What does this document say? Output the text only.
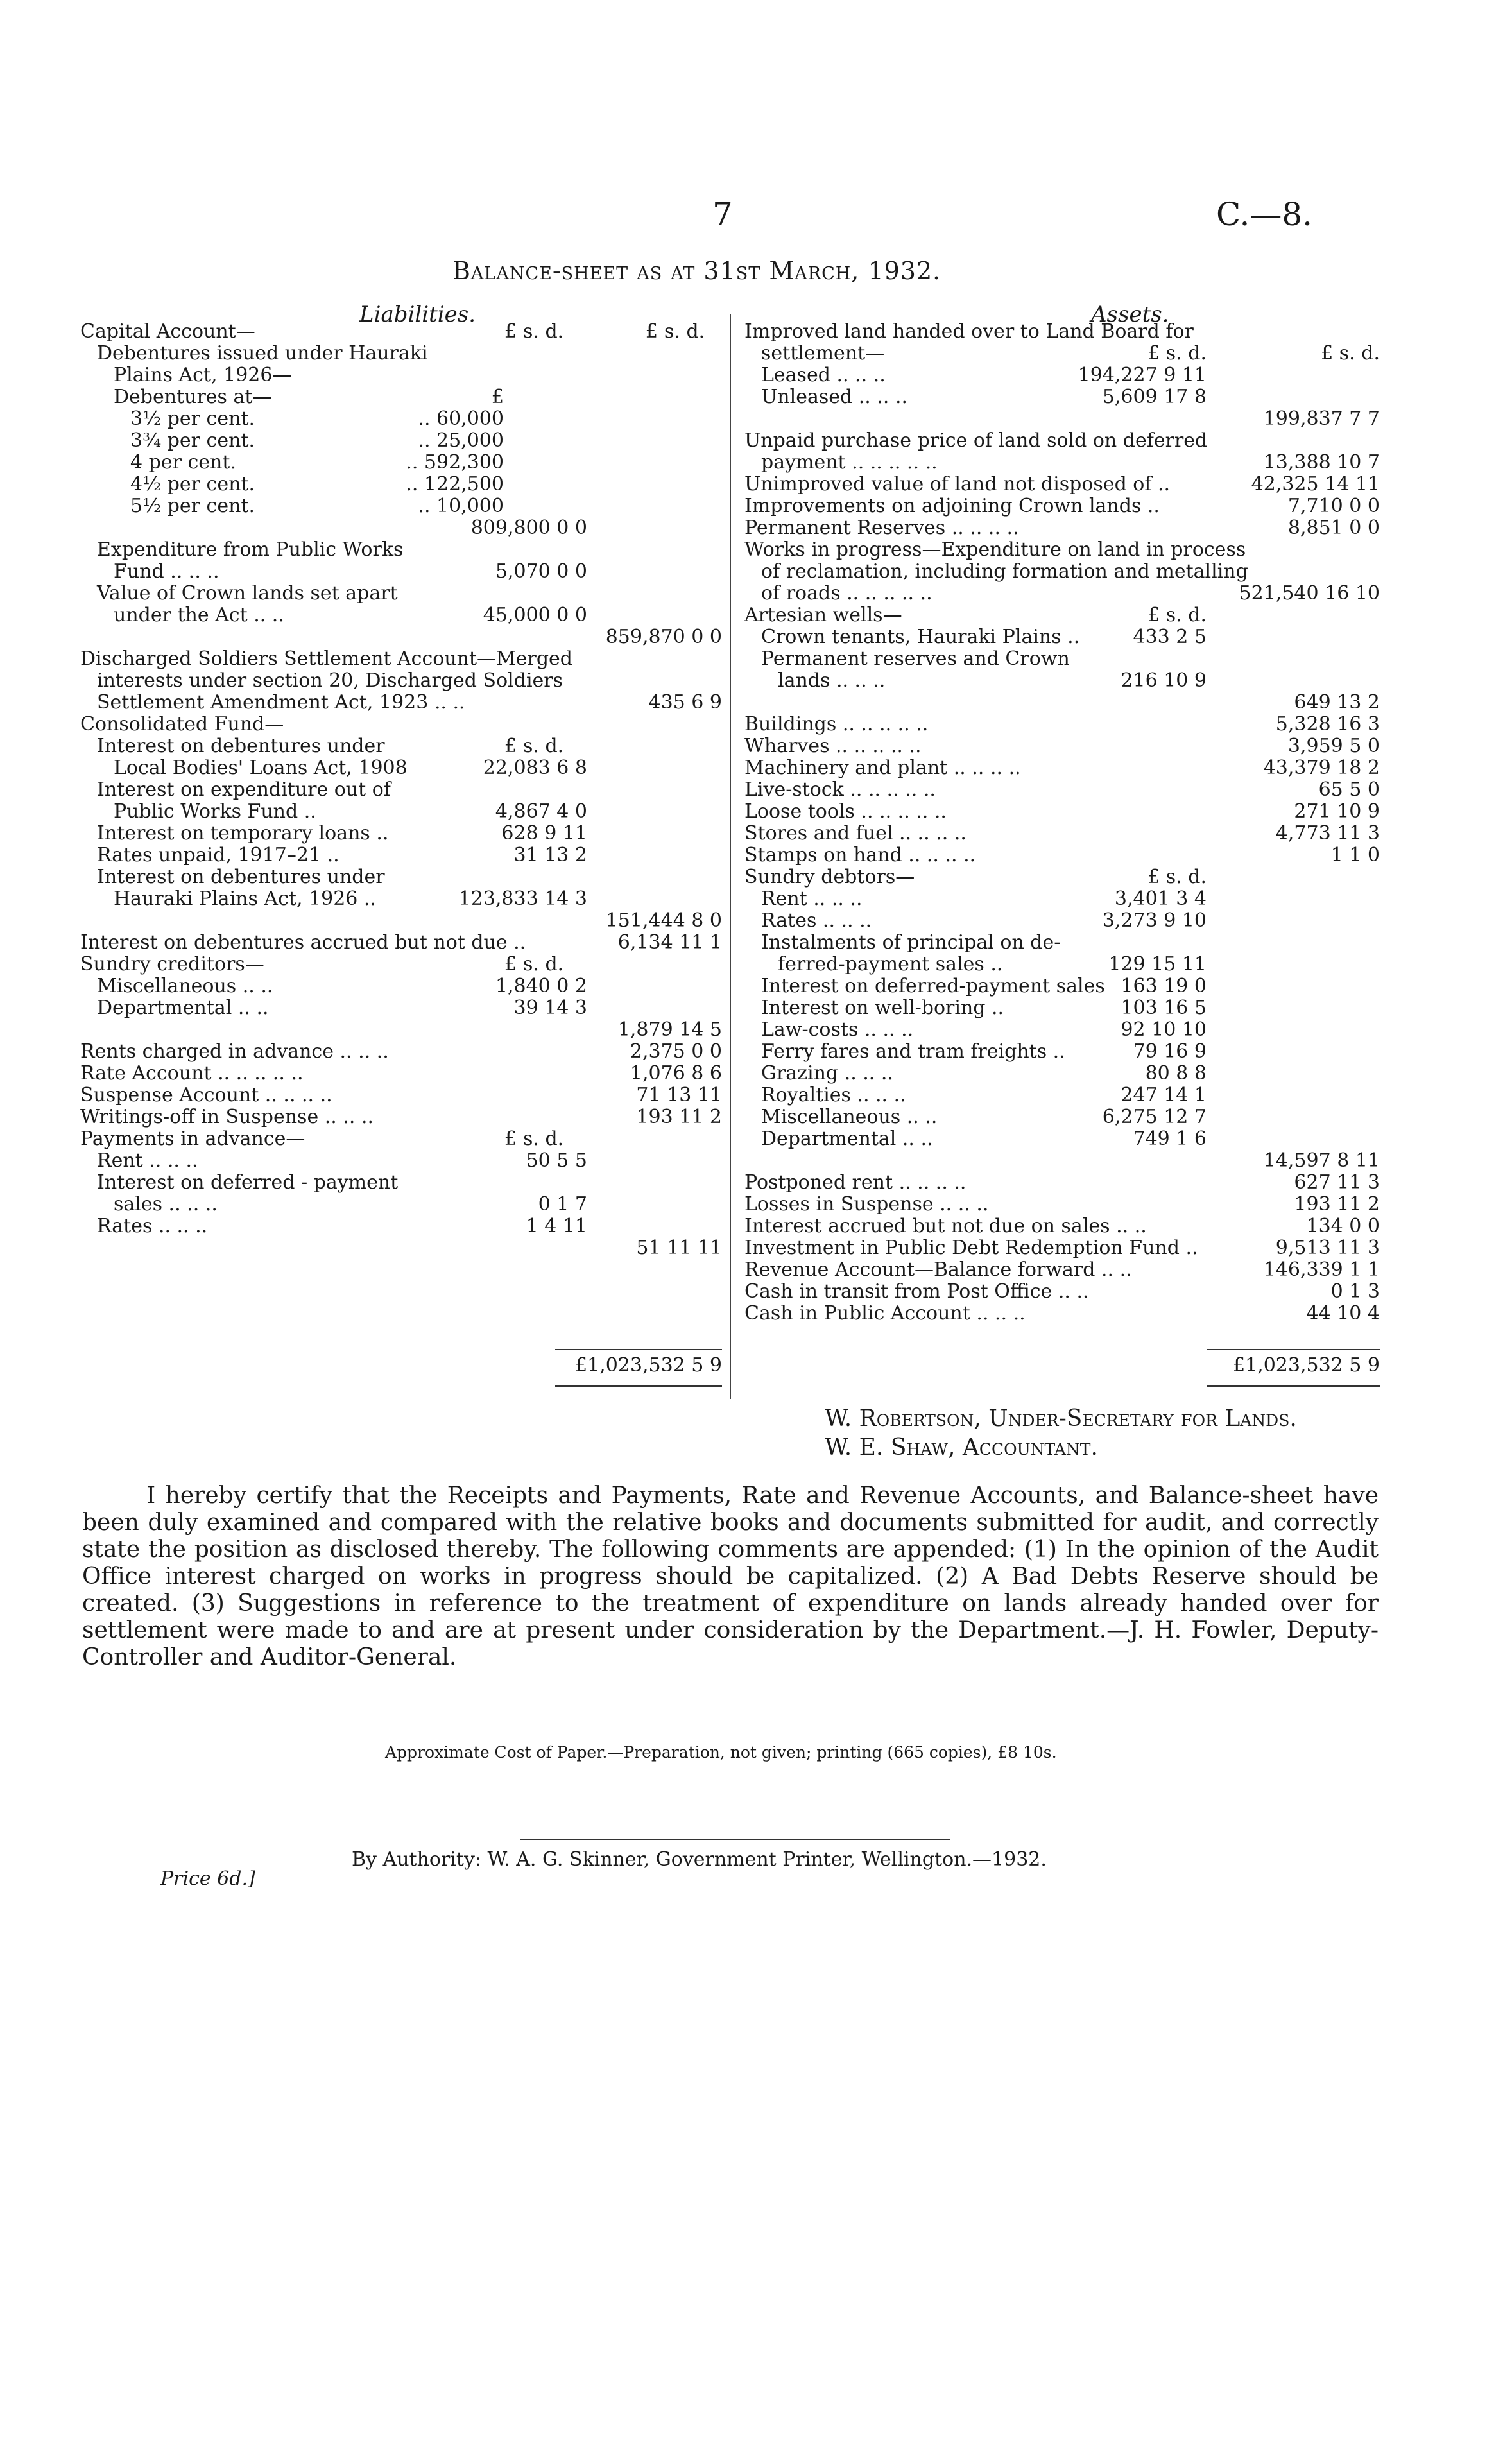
7	C.—8.
Balance-sheet as at 31st March, 1932.
Liabilities.	Assets.
Capital Account—	£ s. d.	£ s. d.
Debentures issued under Hauraki
Plains Act, 1926—
Debentures at—	£
3½ per cent.	.. 60,000
3¾ per cent.	.. 25,000
4 per cent.	.. 592,300
4½ per cent.	.. 122,500
5½ per cent.	.. 10,000
809,800 0 0
Expenditure from Public Works
Fund .. .. ..	5,070 0 0
Value of Crown lands set apart
under the Act .. ..	45,000 0 0
859,870 0 0
Discharged Soldiers Settlement Account—Merged
interests under section 20, Discharged Soldiers
Settlement Amendment Act, 1923 .. ..	435 6 9
Consolidated Fund—
Interest on debentures under	£ s. d.
Local Bodies' Loans Act, 1908	22,083 6 8
Interest on expenditure out of
Public Works Fund ..	4,867 4 0
Interest on temporary loans ..	628 9 11
Rates unpaid, 1917–21 ..	31 13 2
Interest on debentures under
Hauraki Plains Act, 1926 ..	123,833 14 3
151,444 8 0
Interest on debentures accrued but not due ..	6,134 11 1
Sundry creditors—	£ s. d.
Miscellaneous .. ..	1,840 0 2
Departmental .. ..	39 14 3
1,879 14 5
Rents charged in advance .. .. ..	2,375 0 0
Rate Account .. .. .. .. ..	1,076 8 6
Suspense Account .. .. .. ..	71 13 11
Writings-off in Suspense .. .. ..	193 11 2
Payments in advance—	£ s. d.
Rent .. .. ..	50 5 5
Interest on deferred - payment
sales .. .. ..	0 1 7
Rates .. .. ..	1 4 11
51 11 11
Improved land handed over to Land Board for
settlement—	£ s. d.	£ s. d.
Leased .. .. ..	194,227 9 11
Unleased .. .. ..	5,609 17 8
199,837 7 7
Unpaid purchase price of land sold on deferred
payment .. .. .. .. ..	13,388 10 7
Unimproved value of land not disposed of ..	42,325 14 11
Improvements on adjoining Crown lands ..	7,710 0 0
Permanent Reserves .. .. .. ..	8,851 0 0
Works in progress—Expenditure on land in process
of reclamation, including formation and metalling
of roads .. .. .. .. ..	521,540 16 10
Artesian wells—	£ s. d.
Crown tenants, Hauraki Plains ..	433 2 5
Permanent reserves and Crown
lands .. .. ..	216 10 9
649 13 2
Buildings .. .. .. .. ..	5,328 16 3
Wharves .. .. .. .. ..	3,959 5 0
Machinery and plant .. .. .. ..	43,379 18 2
Live-stock .. .. .. .. ..	65 5 0
Loose tools .. .. .. .. ..	271 10 9
Stores and fuel .. .. .. ..	4,773 11 3
Stamps on hand .. .. .. ..	1 1 0
Sundry debtors—	£ s. d.
Rent .. .. ..	3,401 3 4
Rates .. .. ..	3,273 9 10
Instalments of principal on de-
ferred-payment sales ..	129 15 11
Interest on deferred-payment sales 163 19 0
Interest on well-boring ..	103 16 5
Law-costs .. .. ..	92 10 10
Ferry fares and tram freights ..	79 16 9
Grazing .. .. ..	80 8 8
Royalties .. .. ..	247 14 1
Miscellaneous .. ..	6,275 12 7
Departmental .. ..	749 1 6
14,597 8 11
Postponed rent .. .. .. ..	627 11 3
Losses in Suspense .. .. ..	193 11 2
Interest accrued but not due on sales .. ..	134 0 0
Investment in Public Debt Redemption Fund ..	9,513 11 3
Revenue Account—Balance forward .. ..	146,339 1 1
Cash in transit from Post Office .. ..	0 1 3
Cash in Public Account .. .. ..	44 10 4
£1,023,532 5 9	£1,023,532 5 9
W. Robertson, Under-Secretary for Lands.
W. E. Shaw, Accountant.

I hereby certify that the Receipts and Payments, Rate and Revenue Accounts, and Balance-sheet have been duly examined and compared with the relative books and documents submitted for audit, and correctly state the position as disclosed thereby. The following comments are appended: (1) In the opinion of the Audit Office interest charged on works in progress should be capitalized. (2) A Bad Debts Reserve should be created. (3) Suggestions in reference to the treatment of expenditure on lands already handed over for settlement were made to and are at present under consideration by the Department.—J. H. Fowler, Deputy-Controller and Auditor-General.

Approximate Cost of Paper.—Preparation, not given; printing (665 copies), £8 10s.
By Authority: W. A. G. Skinner, Government Printer, Wellington.—1932.
Price 6d.]
